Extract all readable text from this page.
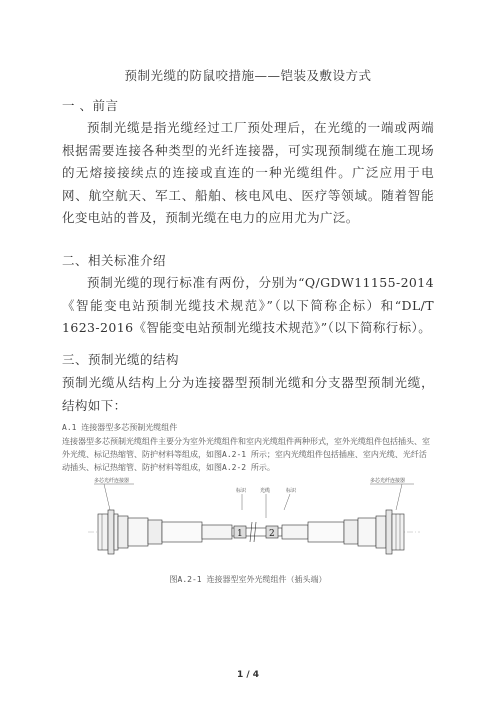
预制光缆的防鼠咬措施——铠装及敷设方式
一 、前言
预制光缆是指光缆经过工厂预处理后，在光缆的一端或两端根据需要连接各种类型的光纤连接器，可实现预制缆在施工现场的无熔接接续点的连接或直连的一种光缆组件。广泛应用于电网、航空航天、军工、船舶、核电风电、医疗等领域。随着智能化变电站的普及，预制光缆在电力的应用尤为广泛。
二、相关标准介绍
预制光缆的现行标准有两份，分别为“Q/GDW11155-2014 《智能变电站预制光缆技术规范》”（以下简称企标）和“DL/T 1623-2016《智能变电站预制光缆技术规范》”（以下简称行标）。
三、预制光缆的结构
预制光缆从结构上分为连接器型预制光缆和分支器型预制光缆，结构如下：
A.1 连接器型多芯预制光缆组件
连接器型多芯预制光缆组件主要分为室外光缆组件和室内光缆组件两种形式，室外光缆组件包括插头、室外光缆、标记热缩管、防护材料等组成，如图A.2-1 所示；室内光缆组件包括插座、室内光缆、光纤活动插头、标记热缩管、防护材料等组成，如图A.2-2 所示。
多芯光纤连接器	多芯光纤连接器
标识	光缆	标识
1	2
图A.2-1 连接器型室外光缆组件（插头端）
1 / 4
